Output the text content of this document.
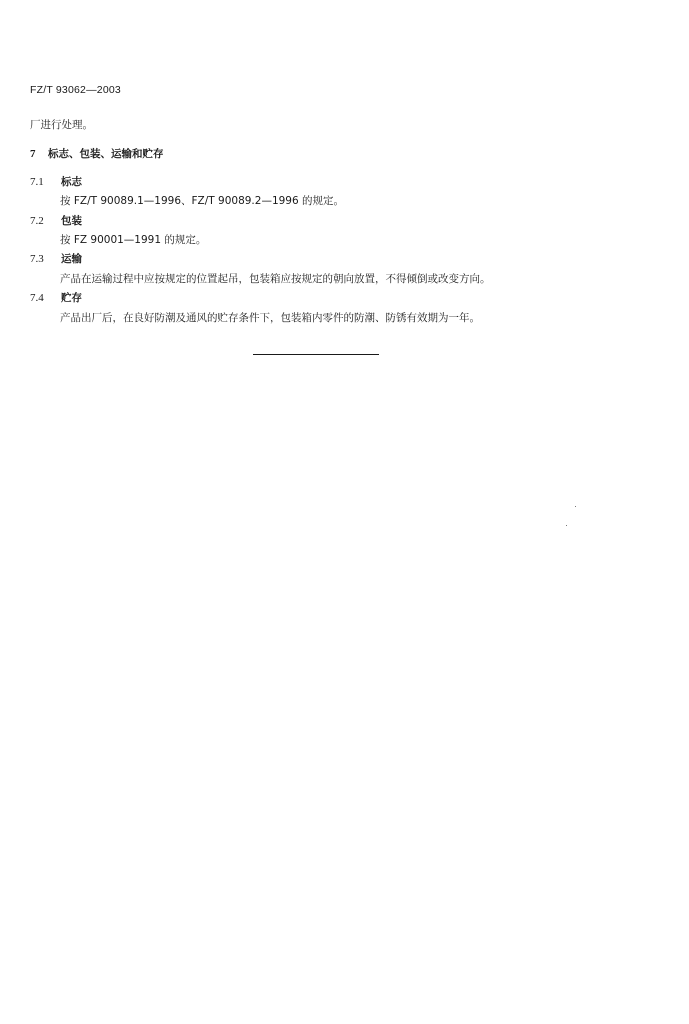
FZ/T 93062—2003
厂进行处理。
7 标志、包装、运输和贮存
7.1 标志
按 FZ/T 90089.1—1996、FZ/T 90089.2—1996 的规定。
7.2 包装
按 FZ 90001—1991 的规定。
7.3 运输
产品在运输过程中应按规定的位置起吊，包装箱应按规定的朝向放置，不得倾倒或改变方向。
7.4 贮存
产品出厂后，在良好防潮及通风的贮存条件下，包装箱内零件的防潮、防锈有效期为一年。
